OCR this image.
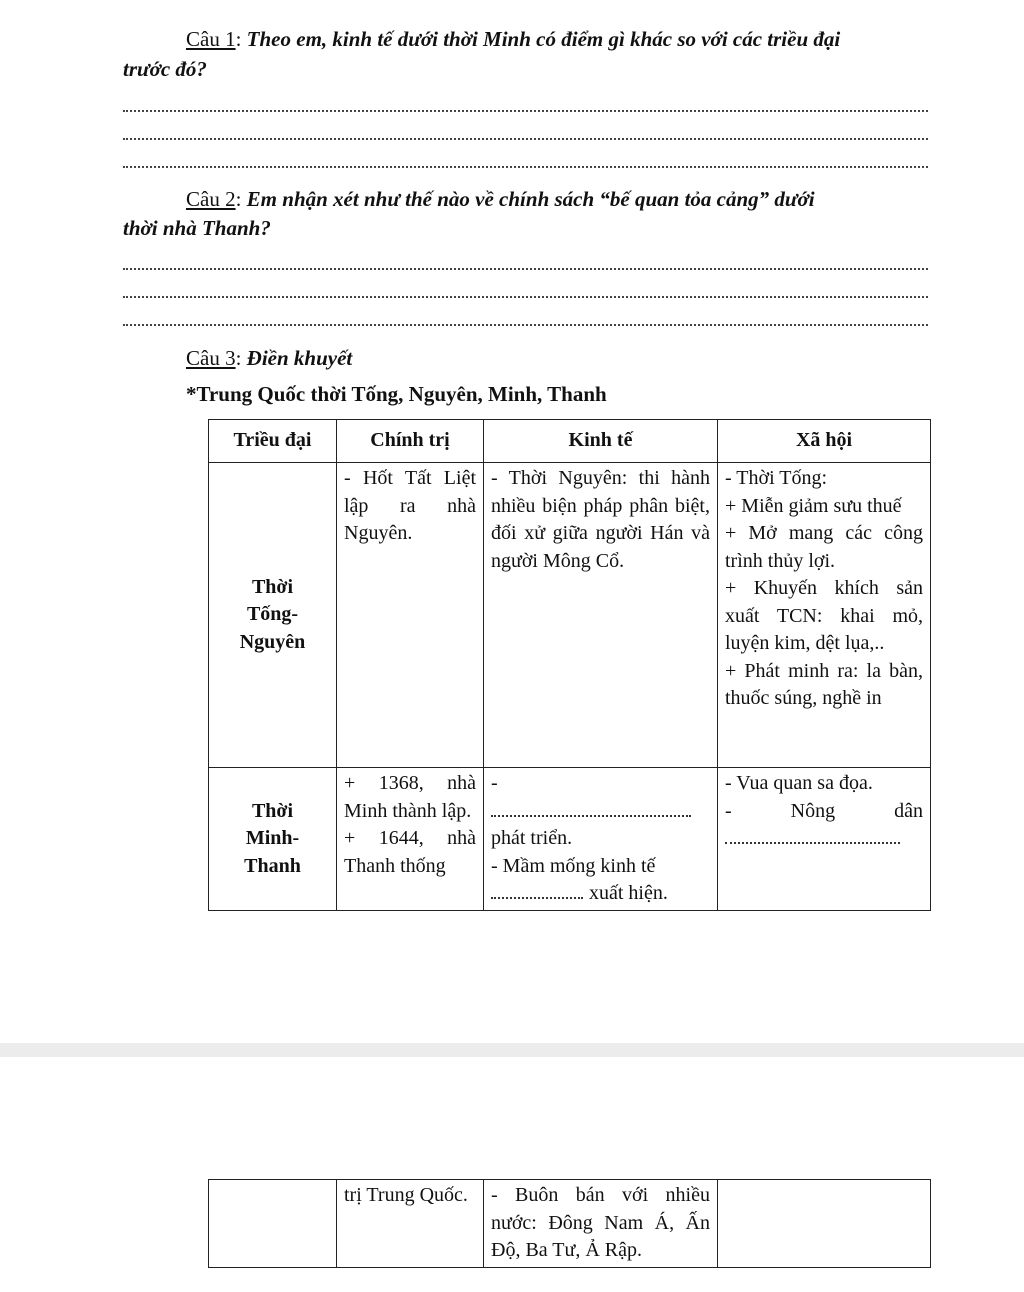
Câu 1: Theo em, kinh tế dưới thời Minh có điểm gì khác so với các triều đại
trước đó?
Câu 2: Em nhận xét như thế nào về chính sách “bế quan tỏa cảng” dưới
thời nhà Thanh?
Câu 3: Điền khuyết
*Trung Quốc thời Tống, Nguyên, Minh, Thanh
Triều đại	Chính trị	Kinh tế	Xã hội

Thời
Tống-
Nguyên	- Hốt Tất Liệt lập ra nhà Nguyên.	- Thời Nguyên: thi hành nhiều biện pháp phân biệt, đối xử giữa người Hán và người Mông Cổ.	- Thời Tống:
+ Miễn giảm sưu thuế
+ Mở mang các công trình thủy lợi.
+ Khuyến khích sản xuất TCN: khai mỏ, luyện kim, dệt lụa,..
+ Phát minh ra: la bàn, thuốc súng, nghề in

Thời
Minh-
Thanh	+ 1368, nhà Minh thành lập.
+ 1644, nhà Thanh thống	-
phát triển.
- Mầm mống kinh tế
xuất hiện.	- Vua quan sa đọa.
- Nông dân
	trị Trung Quốc.	- Buôn bán với nhiều nước: Đông Nam Á, Ấn Độ, Ba Tư, Ả Rập.	
